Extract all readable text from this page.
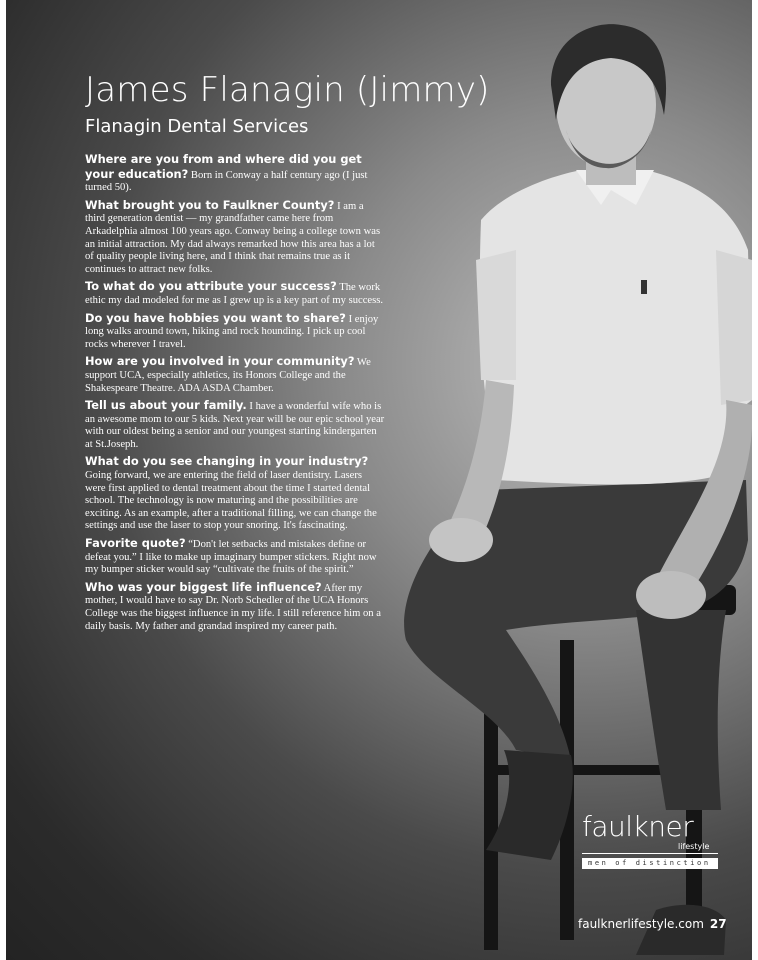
James Flanagin (Jimmy)
Flanagin Dental Services

Where are you from and where did you get your education? Born in Conway a half century ago (I just turned 50).

What brought you to Faulkner County? I am a third generation dentist — my grandfather came here from Arkadelphia almost 100 years ago. Conway being a college town was an initial attraction. My dad always remarked how this area has a lot of quality people living here, and I think that remains true as it continues to attract new folks.

To what do you attribute your success? The work ethic my dad modeled for me as I grew up is a key part of my success.

Do you have hobbies you want to share? I enjoy long walks around town, hiking and rock hounding. I pick up cool rocks wherever I travel.

How are you involved in your community? We support UCA, especially athletics, its Honors College and the Shakespeare Theatre. ADA ASDA Chamber.

Tell us about your family. I have a wonderful wife who is an awesome mom to our 5 kids. Next year will be our epic school year with our oldest being a senior and our youngest starting kindergarten at St.Joseph.

What do you see changing in your industry? Going forward, we are entering the field of laser dentistry. Lasers were first applied to dental treatment about the time I started dental school. The technology is now maturing and the possibilities are exciting. As an example, after a traditional filling, we can change the settings and use the laser to stop your snoring. It's fascinating.

Favorite quote? “Don't let setbacks and mistakes define or defeat you.” I like to make up imaginary bumper stickers. Right now my bumper sticker would say “cultivate the fruits of the spirit.”

Who was your biggest life influence? After my mother, I would have to say Dr. Norb Schedler of the UCA Honors College was the biggest influence in my life. I still reference him on a daily basis. My father and grandad inspired my career path.

faulkner
lifestyle
men of distinction
faulknerlifestyle.com 27
